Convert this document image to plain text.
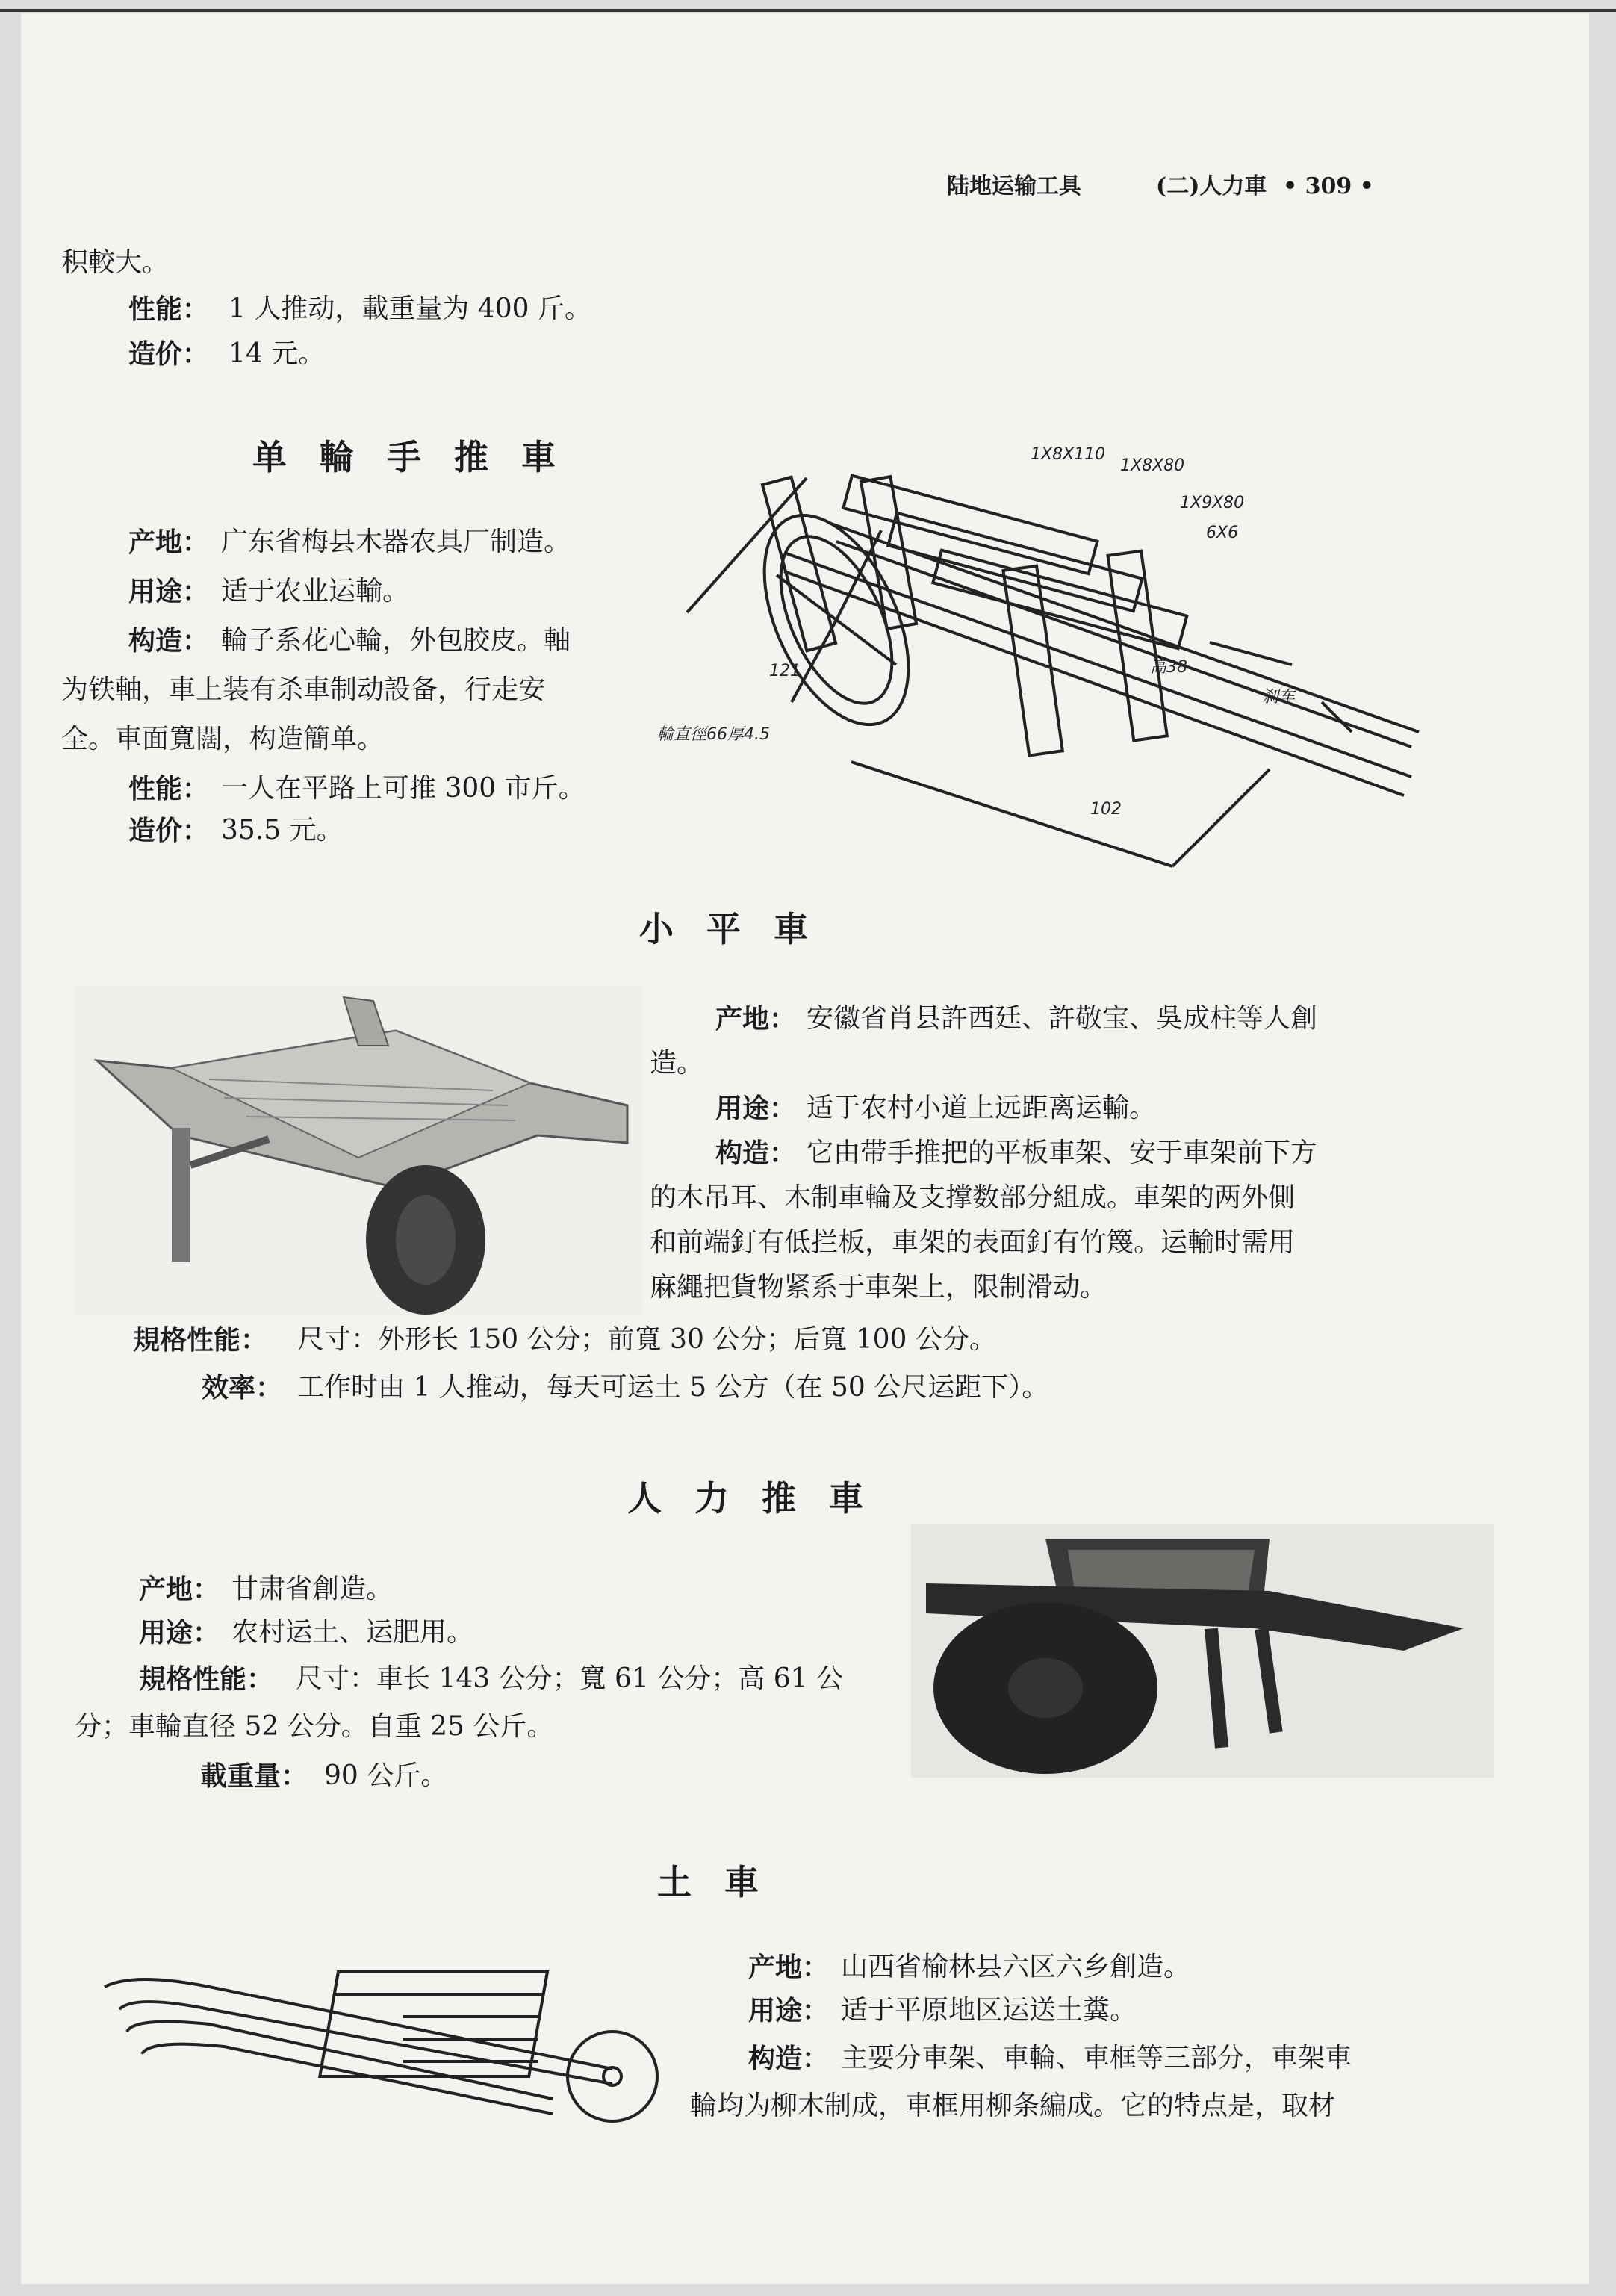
陆地运输工具	(二)人力車 • 309 •
积較大。
性能： 1 人推动，載重量为 400 斤。
造价： 14 元。
单 輪 手 推 車
产地： 广东省梅县木器农具厂制造。
用途： 适于农业运輸。
构造： 輪子系花心輪，外包胶皮。軸
为铁軸，車上装有杀車制动設备，行走安
全。車面寬闊，构造簡单。
性能： 一人在平路上可推 300 市斤。
造价： 35.5 元。
1X8X110
1X8X80
1X9X80
6X6
121	高38
刹车
輪直徑66厚4.5
102
小 平 車
产地： 安徽省肖县許西廷、許敬宝、吳成柱等人創
造。
用途： 适于农村小道上远距离运輸。
构造： 它由带手推把的平板車架、安于車架前下方
的木吊耳、木制車輪及支撑数部分組成。車架的两外側
和前端釘有低拦板，車架的表面釘有竹篾。运輸时需用
麻繩把貨物紧系于車架上，限制滑动。
規格性能： 尺寸：外形长 150 公分；前寬 30 公分；后寬 100 公分。
效率： 工作时由 1 人推动，每天可运土 5 公方（在 50 公尺运距下）。
人 力 推 車
产地： 甘肃省創造。
用途： 农村运土、运肥用。
規格性能： 尺寸：車长 143 公分；寬 61 公分；高 61 公
分；車輪直径 52 公分。自重 25 公斤。
載重量： 90 公斤。
土 車
产地： 山西省榆林县六区六乡創造。
用途： 适于平原地区运送土糞。
构造： 主要分車架、車輪、車框等三部分，車架車
輪均为柳木制成，車框用柳条編成。它的特点是，取材
